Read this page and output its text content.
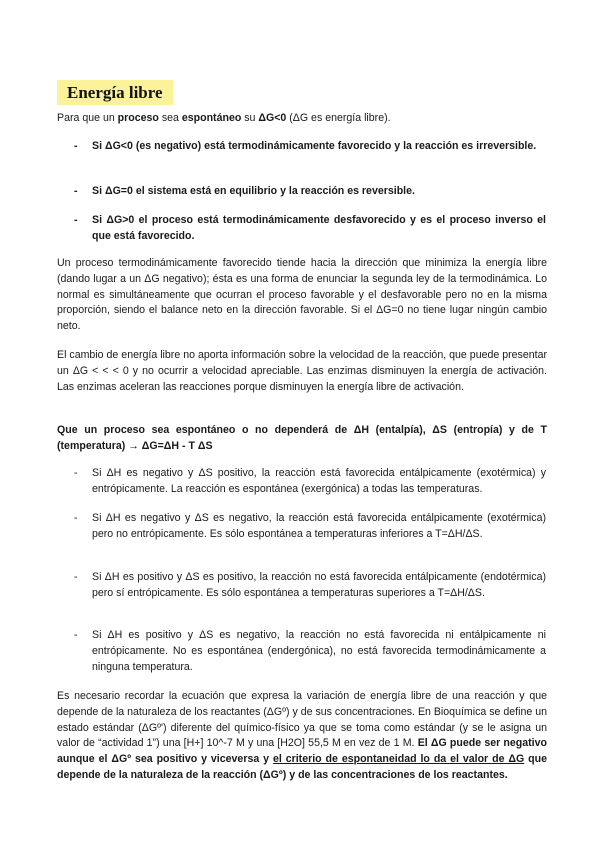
Energía libre
Para que un proceso sea espontáneo su ΔG<0 (ΔG es energía libre).
- Si ΔG<0 (es negativo) está termodinámicamente favorecido y la reacción es irreversible.
- Si ΔG=0 el sistema está en equilibrio y la reacción es reversible.
- Si ΔG>0 el proceso está termodinámicamente desfavorecido y es el proceso inverso el que está favorecido.
Un proceso termodinámicamente favorecido tiende hacia la dirección que minimiza la energía libre (dando lugar a un ΔG negativo); ésta es una forma de enunciar la segunda ley de la termodinámica. Lo normal es simultáneamente que ocurran el proceso favorable y el desfavorable pero no en la misma proporción, siendo el balance neto en la dirección favorable. Si el ΔG=0 no tiene lugar ningún cambio neto.
El cambio de energía libre no aporta información sobre la velocidad de la reacción, que puede presentar un ΔG < < < 0 y no ocurrir a velocidad apreciable. Las enzimas disminuyen la energía de activación. Las enzimas aceleran las reacciones porque disminuyen la energía libre de activación.
Que un proceso sea espontáneo o no dependerá de ΔH (entalpía), ΔS (entropía) y de T (temperatura) → ΔG=ΔH - T ΔS
- Si ΔH es negativo y ΔS positivo, la reacción está favorecida entálpicamente (exotérmica) y entrópicamente. La reacción es espontánea (exergónica) a todas las temperaturas.
- Si ΔH es negativo y ΔS es negativo, la reacción está favorecida entálpicamente (exotérmica) pero no entrópicamente. Es sólo espontánea a temperaturas inferiores a T=ΔH/ΔS.
- Si ΔH es positivo y ΔS es positivo, la reacción no está favorecida entálpicamente (endotérmica) pero sí entrópicamente. Es sólo espontánea a temperaturas superiores a T=ΔH/ΔS.
- Si ΔH es positivo y ΔS es negativo, la reacción no está favorecida ni entálpicamente ni entrópicamente. No es espontánea (endergónica), no está favorecida termodinámicamente a ninguna temperatura.
Es necesario recordar la ecuación que expresa la variación de energía libre de una reacción y que depende de la naturaleza de los reactantes (ΔGº) y de sus concentraciones. En Bioquímica se define un estado estándar (ΔGº') diferente del químico-físico ya que se toma como estándar (y se le asigna un valor de “actividad 1”) una [H+] 10^-7 M y una [H2O] 55,5 M en vez de 1 M. El ΔG puede ser negativo aunque el ΔGº sea positivo y viceversa y el criterio de espontaneidad lo da el valor de ΔG que depende de la naturaleza de la reacción (ΔGº) y de las concentraciones de los reactantes.
